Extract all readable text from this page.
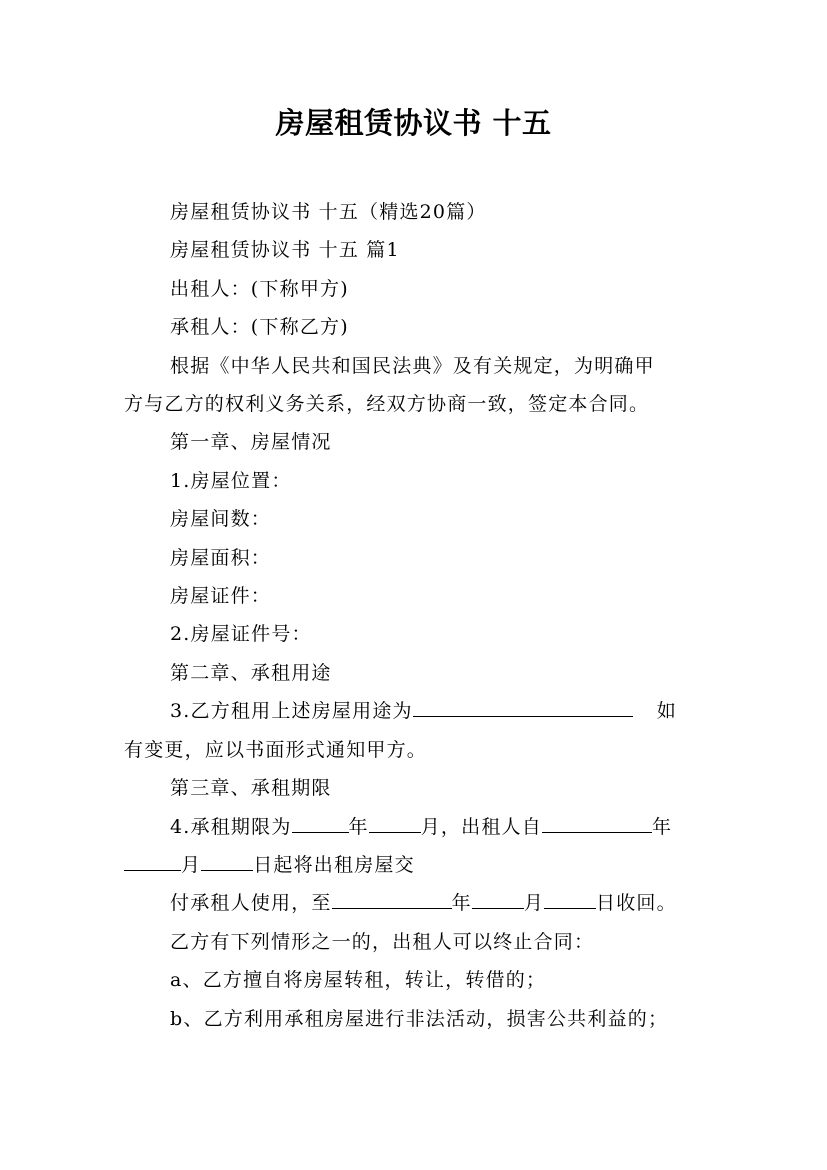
房屋租赁协议书 十五

房屋租赁协议书 十五（精选20篇）

房屋租赁协议书 十五 篇1

出租人：(下称甲方)

承租人：(下称乙方)

根据《中华人民共和国民法典》及有关规定，为明确甲

方与乙方的权利义务关系，经双方协商一致，签定本合同。

第一章、房屋情况

1.房屋位置：

房屋间数：

房屋面积：

房屋证件：

2.房屋证件号：

第二章、承租用途

3.乙方租用上述房屋用途为	如

有变更，应以书面形式通知甲方。

第三章、承租期限

4.承租期限为	年	月，出租人自	年

月	日起将出租房屋交

付承租人使用，至	年	月	日收回。

乙方有下列情形之一的，出租人可以终止合同：

a、乙方擅自将房屋转租，转让，转借的；

b、乙方利用承租房屋进行非法活动，损害公共利益的；
